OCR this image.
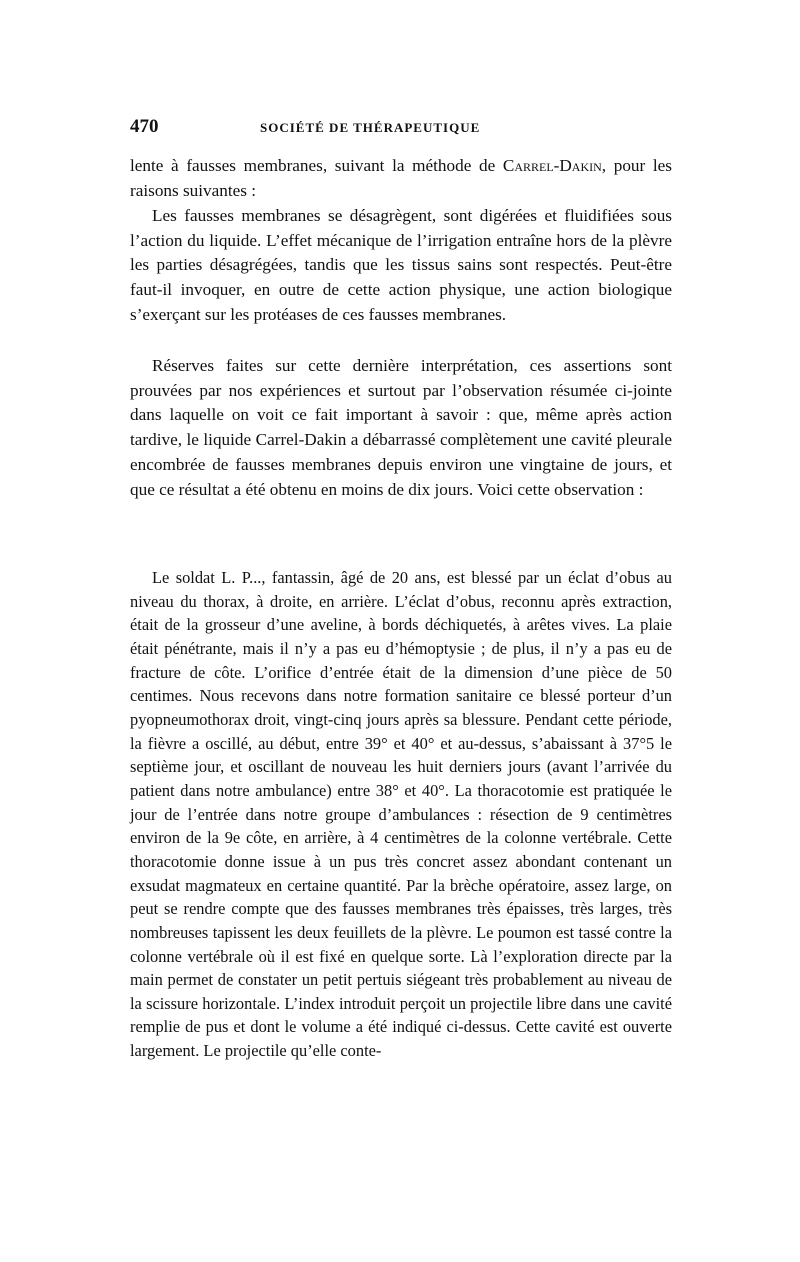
470	SOCIÉTÉ DE THÉRAPEUTIQUE

lente à fausses membranes, suivant la méthode de Carrel-Dakin, pour les raisons suivantes :

Les fausses membranes se désagrègent, sont digérées et fluidifiées sous l’action du liquide. L’effet mécanique de l’irrigation entraîne hors de la plèvre les parties désagrégées, tandis que les tissus sains sont respectés. Peut-être faut-il invoquer, en outre de cette action physique, une action biologique s’exerçant sur les protéases de ces fausses membranes.

Réserves faites sur cette dernière interprétation, ces assertions sont prouvées par nos expériences et surtout par l’observation résumée ci-jointe dans laquelle on voit ce fait important à savoir : que, même après action tardive, le liquide Carrel-Dakin a débarrassé complètement une cavité pleurale encombrée de fausses membranes depuis environ une vingtaine de jours, et que ce résultat a été obtenu en moins de dix jours. Voici cette observation :

Le soldat L. P..., fantassin, âgé de 20 ans, est blessé par un éclat d’obus au niveau du thorax, à droite, en arrière. L’éclat d’obus, reconnu après extraction, était de la grosseur d’une aveline, à bords déchiquetés, à arêtes vives. La plaie était pénétrante, mais il n’y a pas eu d’hémoptysie ; de plus, il n’y a pas eu de fracture de côte. L’orifice d’entrée était de la dimension d’une pièce de 50 centimes. Nous recevons dans notre formation sanitaire ce blessé porteur d’un pyopneumothorax droit, vingt-cinq jours après sa blessure. Pendant cette période, la fièvre a oscillé, au début, entre 39° et 40° et au-dessus, s’abaissant à 37°5 le septième jour, et oscillant de nouveau les huit derniers jours (avant l’arrivée du patient dans notre ambulance) entre 38° et 40°. La thoracotomie est pratiquée le jour de l’entrée dans notre groupe d’ambulances : résection de 9 centimètres environ de la 9e côte, en arrière, à 4 centimètres de la colonne vertébrale. Cette thoracotomie donne issue à un pus très concret assez abondant contenant un exsudat magmateux en certaine quantité. Par la brèche opératoire, assez large, on peut se rendre compte que des fausses membranes très épaisses, très larges, très nombreuses tapissent les deux feuillets de la plèvre. Le poumon est tassé contre la colonne vertébrale où il est fixé en quelque sorte. Là l’exploration directe par la main permet de constater un petit pertuis siégeant très probablement au niveau de la scissure horizontale. L’index introduit perçoit un projectile libre dans une cavité remplie de pus et dont le volume a été indiqué ci-dessus. Cette cavité est ouverte largement. Le projectile qu’elle conte-
